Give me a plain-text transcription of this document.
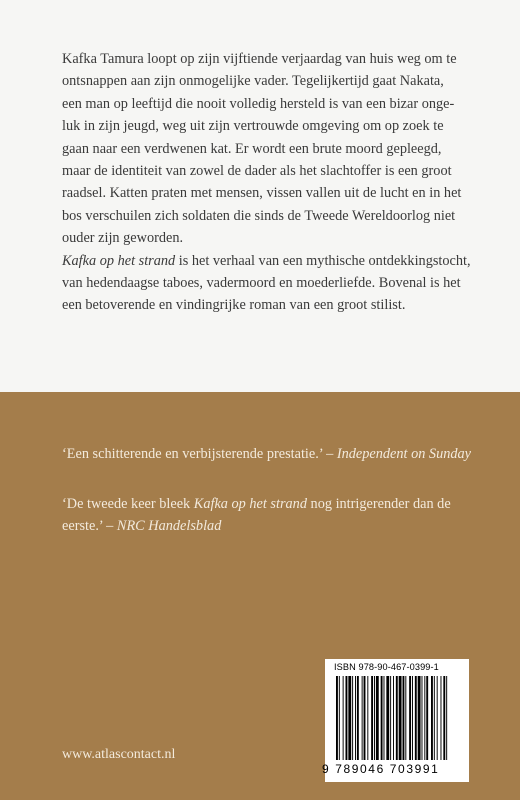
Kafka Tamura loopt op zijn vijftiende verjaardag van huis weg om te
ontsnappen aan zijn onmogelijke vader. Tegelijkertijd gaat Nakata,
een man op leeftijd die nooit volledig hersteld is van een bizar onge-
luk in zijn jeugd, weg uit zijn vertrouwde omgeving om op zoek te
gaan naar een verdwenen kat. Er wordt een brute moord gepleegd,
maar de identiteit van zowel de dader als het slachtoffer is een groot
raadsel. Katten praten met mensen, vissen vallen uit de lucht en in het
bos verschuilen zich soldaten die sinds de Tweede Wereldoorlog niet
ouder zijn geworden.

Kafka op het strand is het verhaal van een mythische ontdekkingstocht,
van hedendaagse taboes, vadermoord en moederliefde. Bovenal is het
een betoverende en vindingrijke roman van een groot stilist.

‘Een schitterende en verbijsterende prestatie.’ – Independent on Sunday
‘De tweede keer bleek Kafka op het strand nog intrigerender dan de
eerste.’ – NRC Handelsblad
www.atlascontact.nl
ISBN 978-90-467-0399-1
9 789046 703991
